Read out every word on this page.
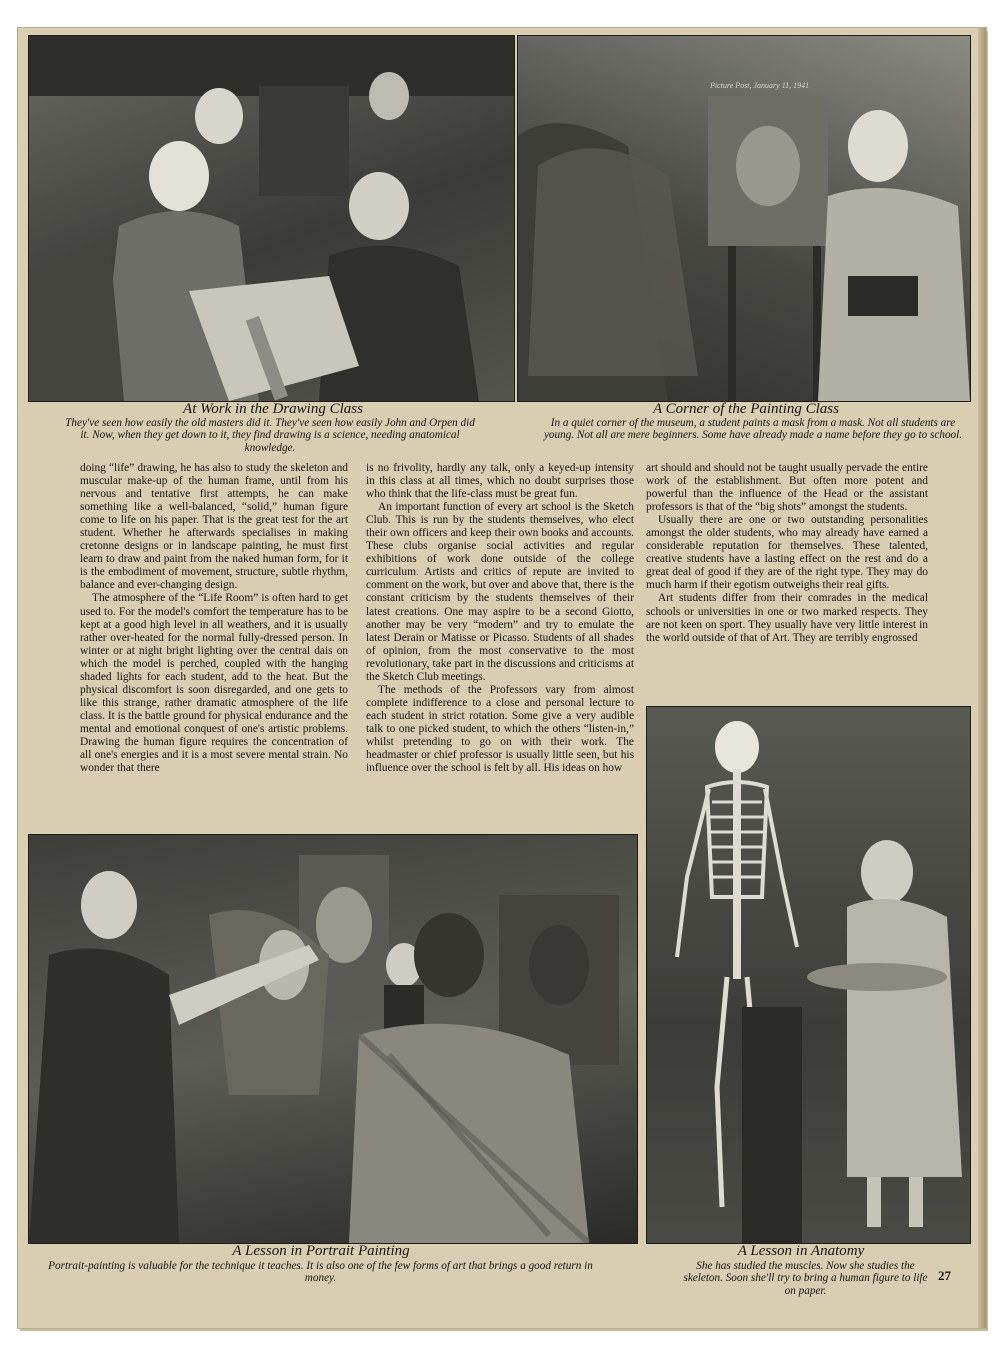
Picture Post, January 11, 1941
At Work in the Drawing Class
They've seen how easily the old masters did it. They've seen how easily John and Orpen did it. Now, when they get down to it, they find drawing is a science, needing anatomical knowledge.
A Corner of the Painting Class
In a quiet corner of the museum, a student paints a mask from a mask. Not all students are young. Not all are mere beginners. Some have already made a name before they go to school.

doing “life” drawing, he has also to study the skeleton and muscular make-up of the human frame, until from his nervous and tentative first attempts, he can make something like a well-balanced, “solid,” human figure come to life on his paper. That is the great test for the art student. Whether he afterwards specialises in making cretonne designs or in landscape painting, he must first learn to draw and paint from the naked human form, for it is the embodiment of movement, structure, subtle rhythm, balance and ever-changing design.

The atmosphere of the “Life Room” is often hard to get used to. For the model's comfort the temperature has to be kept at a good high level in all weathers, and it is usually rather over-heated for the normal fully-dressed person. In winter or at night bright lighting over the central dais on which the model is perched, coupled with the hanging shaded lights for each student, add to the heat. But the physical discomfort is soon disregarded, and one gets to like this strange, rather dramatic atmosphere of the life class. It is the battle ground for physical endurance and the mental and emotional conquest of one's artistic problems. Drawing the human figure requires the concentration of all one's energies and it is a most severe mental strain. No wonder that there

is no frivolity, hardly any talk, only a keyed-up intensity in this class at all times, which no doubt surprises those who think that the life-class must be great fun.

An important function of every art school is the Sketch Club. This is run by the students themselves, who elect their own officers and keep their own books and accounts. These clubs organise social activities and regular exhibitions of work done outside of the college curriculum. Artists and critics of repute are invited to comment on the work, but over and above that, there is the constant criticism by the students themselves of their latest creations. One may aspire to be a second Giotto, another may be very “modern” and try to emulate the latest Derain or Matisse or Picasso. Students of all shades of opinion, from the most conservative to the most revolutionary, take part in the discussions and criticisms at the Sketch Club meetings.

The methods of the Professors vary from almost complete indifference to a close and personal lecture to each student in strict rotation. Some give a very audible talk to one picked student, to which the others “listen-in,” whilst pretending to go on with their work. The headmaster or chief professor is usually little seen, but his influence over the school is felt by all. His ideas on how

art should and should not be taught usually pervade the entire work of the establishment. But often more potent and powerful than the influence of the Head or the assistant professors is that of the “big shots” amongst the students.

Usually there are one or two outstanding personalities amongst the older students, who may already have earned a considerable reputation for themselves. These talented, creative students have a lasting effect on the rest and do a great deal of good if they are of the right type. They may do much harm if their egotism outweighs their real gifts.

Art students differ from their comrades in the medical schools or universities in one or two marked respects. They are not keen on sport. They usually have very little interest in the world outside of that of Art. They are terribly engrossed

A Lesson in Portrait Painting
Portrait-painting is valuable for the technique it teaches. It is also one of the few forms of art that brings a good return in money.
A Lesson in Anatomy
She has studied the muscles. Now she studies the skeleton. Soon she'll try to bring a human figure to life on paper.
27
